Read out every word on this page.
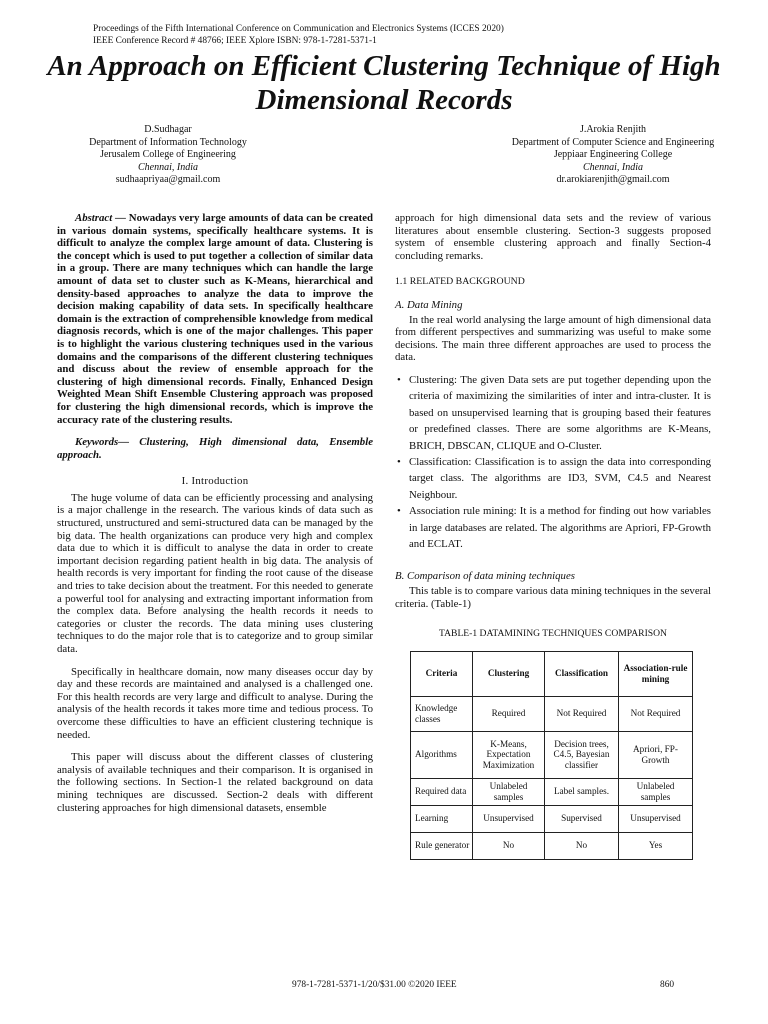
Proceedings of the Fifth International Conference on Communication and Electronics Systems (ICCES 2020)
IEEE Conference Record # 48766; IEEE Xplore ISBN: 978-1-7281-5371-1
An Approach on Efficient Clustering Technique of High Dimensional Records
D.Sudhagar
Department of Information Technology
Jerusalem College of Engineering
Chennai, India
sudhaapriyaa@gmail.com
J.Arokia Renjith
Department of Computer Science and Engineering
Jeppiaar Engineering College
Chennai, India
dr.arokiarenjith@gmail.com

Abstract — Nowadays very large amounts of data can be created in various domain systems, specifically healthcare systems. It is difficult to analyze the complex large amount of data. Clustering is the concept which is used to put together a collection of similar data in a group. There are many techniques which can handle the large amount of data set to cluster such as K-Means, hierarchical and density-based approaches to analyze the data to improve the decision making capability of data sets. In specifically healthcare domain is the extraction of comprehensible knowledge from medical diagnosis records, which is one of the major challenges. This paper is to highlight the various clustering techniques used in the various domains and the comparisons of the different clustering techniques and discuss about the review of ensemble approach for the clustering of high dimensional records. Finally, Enhanced Design Weighted Mean Shift Ensemble Clustering approach was proposed for clustering the high dimensional records, which is improve the accuracy rate of the clustering results.

Keywords— Clustering, High dimensional data, Ensemble approach.

I. Introduction

The huge volume of data can be efficiently processing and analysing is a major challenge in the research. The various kinds of data such as structured, unstructured and semi-structured data can be managed by the big data. The health organizations can produce very high and complex data due to which it is difficult to analyse the data in order to create important decision regarding patient health in big data. The analysis of health records is very important for finding the root cause of the disease and tries to take decision about the treatment. For this needed to generate a powerful tool for analysing and extracting important information from the complex data. Before analysing the health records it needs to categories or cluster the records. The data mining uses clustering techniques to do the major role that is to categorize and to group similar data.

Specifically in healthcare domain, now many diseases occur day by day and these records are maintained and analysed is a challenged one. For this health records are very large and difficult to analyse. During the analysis of the health records it takes more time and tedious process. To overcome these difficulties to have an efficient clustering technique is needed.

This paper will discuss about the different classes of clustering analysis of available techniques and their comparison. It is organised in the following sections. In Section-1 the related background on data mining techniques are discussed. Section-2 deals with different clustering approaches for high dimensional datasets, ensemble

approach for high dimensional data sets and the review of various literatures about ensemble clustering. Section-3 suggests proposed system of ensemble clustering approach and finally Section-4 concluding remarks.

1.1 RELATED BACKGROUND
A. Data Mining

In the real world analysing the large amount of high dimensional data from different perspectives and summarizing was useful to make some decisions. The main three different approaches are used to process the data.

• Clustering: The given Data sets are put together depending upon the criteria of maximizing the similarities of inter and intra-cluster. It is based on unsupervised learning that is grouping based their features or predefined classes. There are some algorithms are K-Means, BRICH, DBSCAN, CLIQUE and O-Cluster.
• Classification: Classification is to assign the data into corresponding target class. The algorithms are ID3, SVM, C4.5 and Nearest Neighbour.
• Association rule mining: It is a method for finding out how variables in large databases are related. The algorithms are Apriori, FP-Growth and ECLAT.
B. Comparison of data mining techniques

This table is to compare various data mining techniques in the several criteria. (Table-1)

TABLE-1 DATAMINING TECHNIQUES COMPARISON
Criteria	Clustering	Classification	Association-rule mining
Knowledge classes	Required	Not Required	Not Required
Algorithms	K-Means, Expectation Maximization	Decision trees, C4.5, Bayesian classifier	Apriori, FP-Growth
Required data	Unlabeled samples	Label samples.	Unlabeled samples
Learning	Unsupervised	Supervised	Unsupervised
Rule generator	No	No	Yes
978-1-7281-5371-1/20/$31.00 ©2020 IEEE	860
